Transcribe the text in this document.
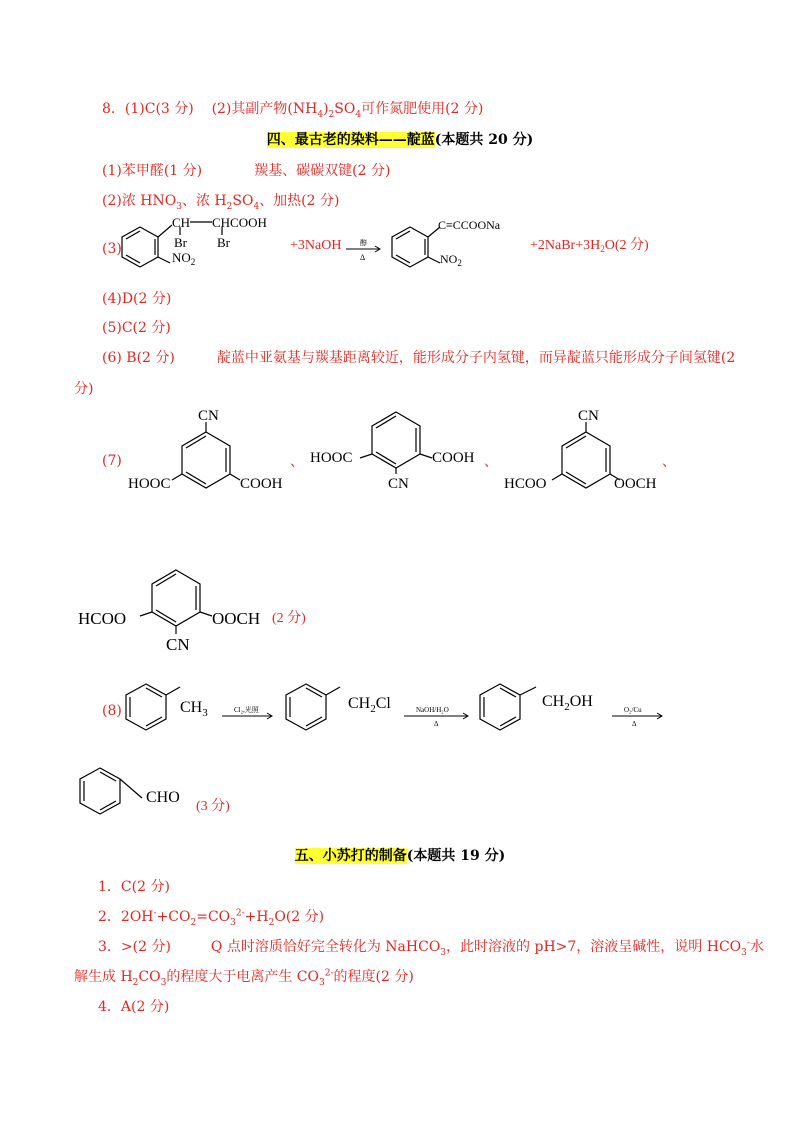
8．(1)C(3 分) (2)其副产物$(NH_4)_2SO_4$可作氮肥使用(2 分)
四、最古老的染料——靛蓝(本题共 20 分)
(1)苯甲醛(1 分)	羰基、碳碳双键(2 分)
(2)浓 $HNO_3$、浓 $H_2SO_4$、加热(2 分)
(3)
CH CHCOOH
Br Br
$NO_2$
+3NaOH	醇
Δ
C≡CCOONa
$NO_2$
$+2NaBr+3H_2O(2$ 分)
(4)D(2 分)
(5)C(2 分)
(6) B(2 分)	靛蓝中亚氨基与羰基距离较近，能形成分子内氢键，而异靛蓝只能形成分子间氢键(2
分)
(7)
CN
HOOC	COOH
、 HOOC	COOH
CN
、
CN
HCOO	OOCH
、
HCOO	OOCH
CN
(2 分)
(8)	$CH_3$	Cl₂,光照	$CH_2Cl$	NaOH/H₂O
Δ
$CH_2OH$	O₂/Cu
Δ
CHO
(3 分)
五、小苏打的制备(本题共 19 分)
1．C(2 分)
2．$2OH^-+CO_2=CO_3^{2-}+H_2O(2$ 分)
3．>(2 分)	Q 点时溶质恰好完全转化为 NaHCO$_3$，此时溶液的 pH>7，溶液呈碱性，说明 $HCO_3^-$水
解生成 $H_2CO_3$的程度大于电离产生 $CO_3^{2-}$的程度(2 分)
4．A(2 分)
